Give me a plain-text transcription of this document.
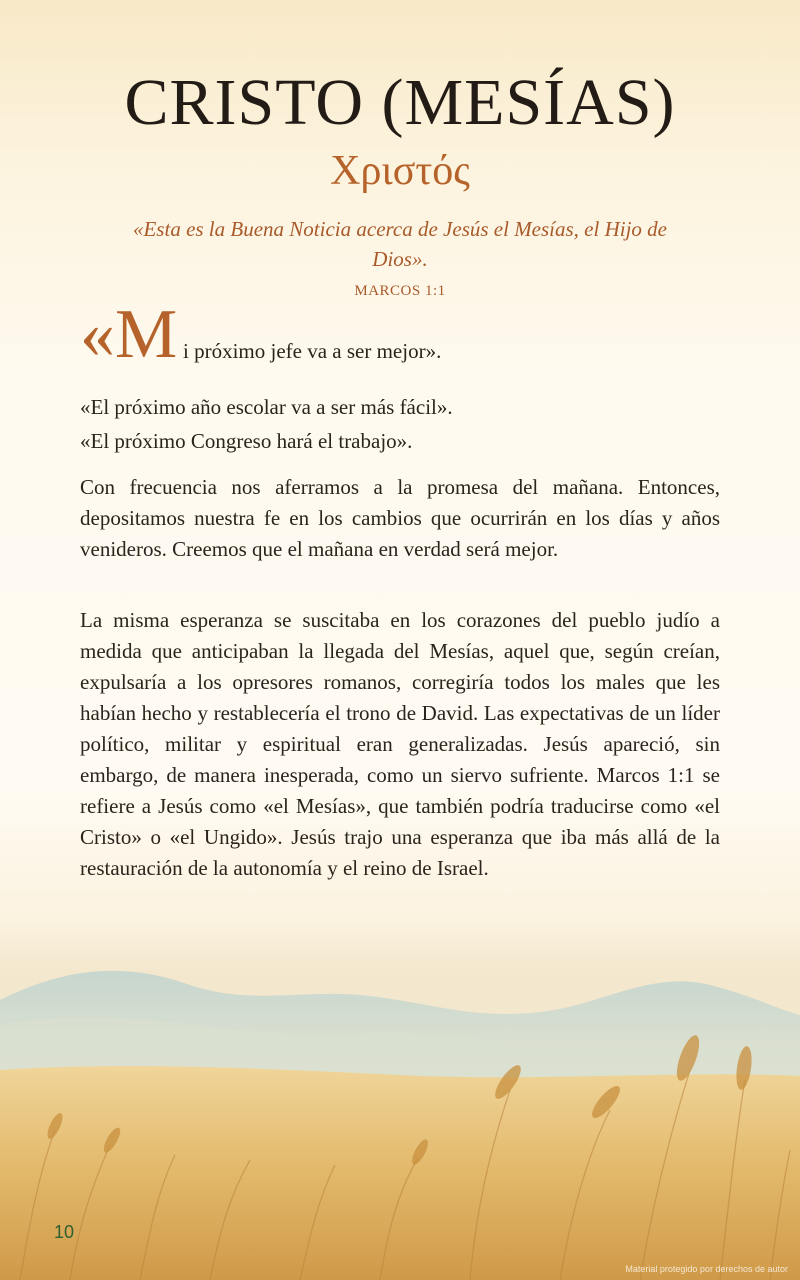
CRISTO (MESÍAS)
Χριστός
«Esta es la Buena Noticia acerca de Jesús el Mesías, el Hijo de Dios».
MARCOS 1:1
«M i próximo jefe va a ser mejor».

«El próximo año escolar va a ser más fácil».

«El próximo Congreso hará el trabajo».

Con frecuencia nos aferramos a la promesa del mañana. Entonces, depositamos nuestra fe en los cambios que ocurrirán en los días y años venideros. Creemos que el mañana en verdad será mejor.

La misma esperanza se suscitaba en los corazones del pueblo judío a medida que anticipaban la llegada del Mesías, aquel que, según creían, expulsaría a los opresores romanos, corregiría todos los males que les habían hecho y restablecería el trono de David. Las expectativas de un líder político, militar y espiritual eran generalizadas. Jesús apareció, sin embargo, de manera inesperada, como un siervo sufriente. Marcos 1:1 se refiere a Jesús como «el Mesías», que también podría traducirse como «el Cristo» o «el Ungido». Jesús trajo una esperanza que iba más allá de la restauración de la autonomía y el reino de Israel.

10
Material protegido por derechos de autor
